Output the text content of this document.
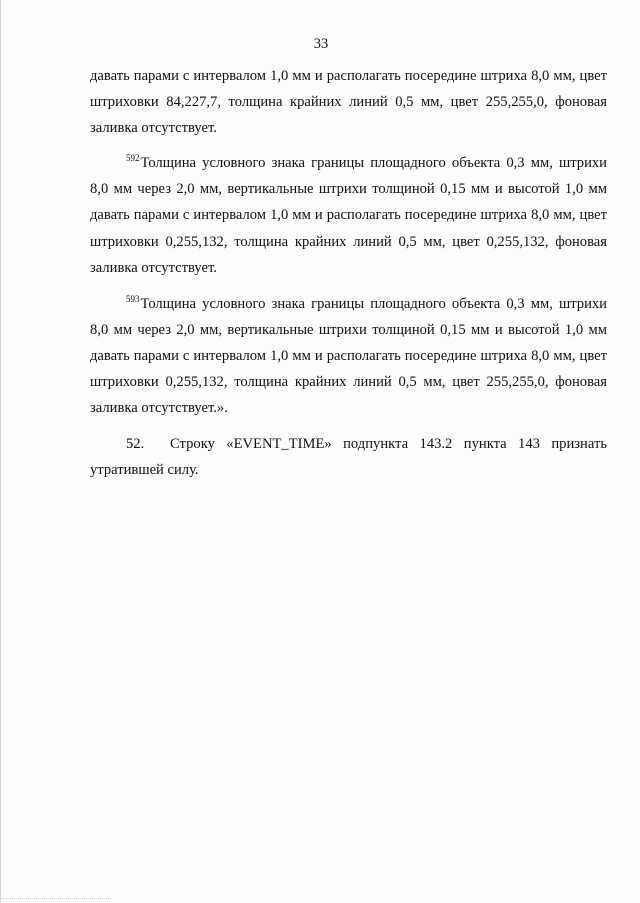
33

давать парами с интервалом 1,0 мм и располагать посередине штриха 8,0 мм, цвет штриховки 84,227,7, толщина крайних линий 0,5 мм, цвет 255,255,0, фоновая заливка отсутствует.

$^{592}$Толщина условного знака границы площадного объекта 0,3 мм, штрихи 8,0 мм через 2,0 мм, вертикальные штрихи толщиной 0,15 мм и высотой 1,0 мм давать парами с интервалом 1,0 мм и располагать посередине штриха 8,0 мм, цвет штриховки 0,255,132, толщина крайних линий 0,5 мм, цвет 0,255,132, фоновая заливка отсутствует.

$^{593}$Толщина условного знака границы площадного объекта 0,3 мм, штрихи 8,0 мм через 2,0 мм, вертикальные штрихи толщиной 0,15 мм и высотой 1,0 мм давать парами с интервалом 1,0 мм и располагать посередине штриха 8,0 мм, цвет штриховки 0,255,132, толщина крайних линий 0,5 мм, цвет 255,255,0, фоновая заливка отсутствует.».

52. Строку «EVENT_TIME» подпункта 143.2 пункта 143 признать утратившей силу.
